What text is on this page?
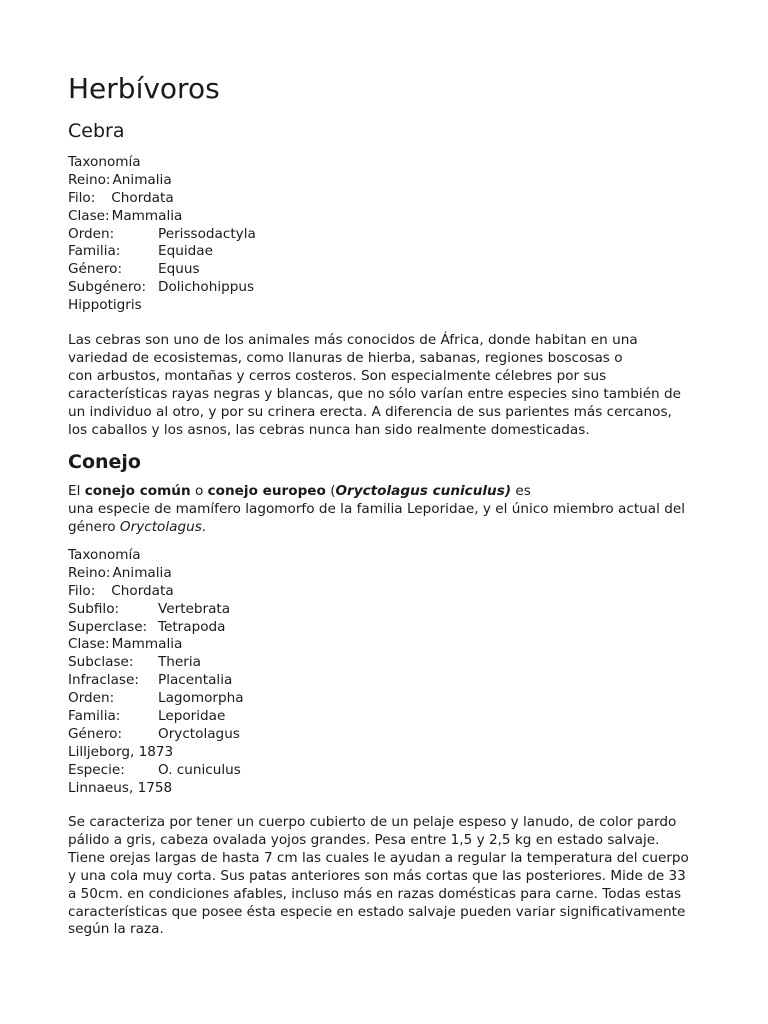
Herbívoros
Cebra
Taxonomía
Reino: Animalia
Filo: Chordata
Clase: Mammalia
Orden:	Perissodactyla
Familia:	Equidae
Género:	Equus
Subgénero: Dolichohippus
Hippotigris

Las cebras son uno de los animales más conocidos de África, donde habitan en una
variedad de ecosistemas, como llanuras de hierba, sabanas, regiones boscosas o
con arbustos, montañas y cerros costeros. Son especialmente célebres por sus
características rayas negras y blancas, que no sólo varían entre especies sino también de
un individuo al otro, y por su crinera erecta. A diferencia de sus parientes más cercanos,
los caballos y los asnos, las cebras nunca han sido realmente domesticadas.

Conejo

El conejo común o conejo europeo (Oryctolagus cuniculus) es
una especie de mamífero lagomorfo de la familia Leporidae, y el único miembro actual del
género Oryctolagus.

Taxonomía
Reino: Animalia
Filo: Chordata
Subfilo:	Vertebrata
Superclase: Tetrapoda
Clase: Mammalia
Subclase: Theria
Infraclase: Placentalia
Orden:	Lagomorpha
Familia:	Leporidae
Género:	Oryctolagus
Lilljeborg, 1873
Especie: O. cuniculus
Linnaeus, 1758

Se caracteriza por tener un cuerpo cubierto de un pelaje espeso y lanudo, de color pardo
pálido a gris, cabeza ovalada yojos grandes. Pesa entre 1,5 y 2,5 kg en estado salvaje.
Tiene orejas largas de hasta 7 cm las cuales le ayudan a regular la temperatura del cuerpo
y una cola muy corta. Sus patas anteriores son más cortas que las posteriores. Mide de 33
a 50cm. en condiciones afables, incluso más en razas domésticas para carne. Todas estas
características que posee ésta especie en estado salvaje pueden variar significativamente
según la raza.
